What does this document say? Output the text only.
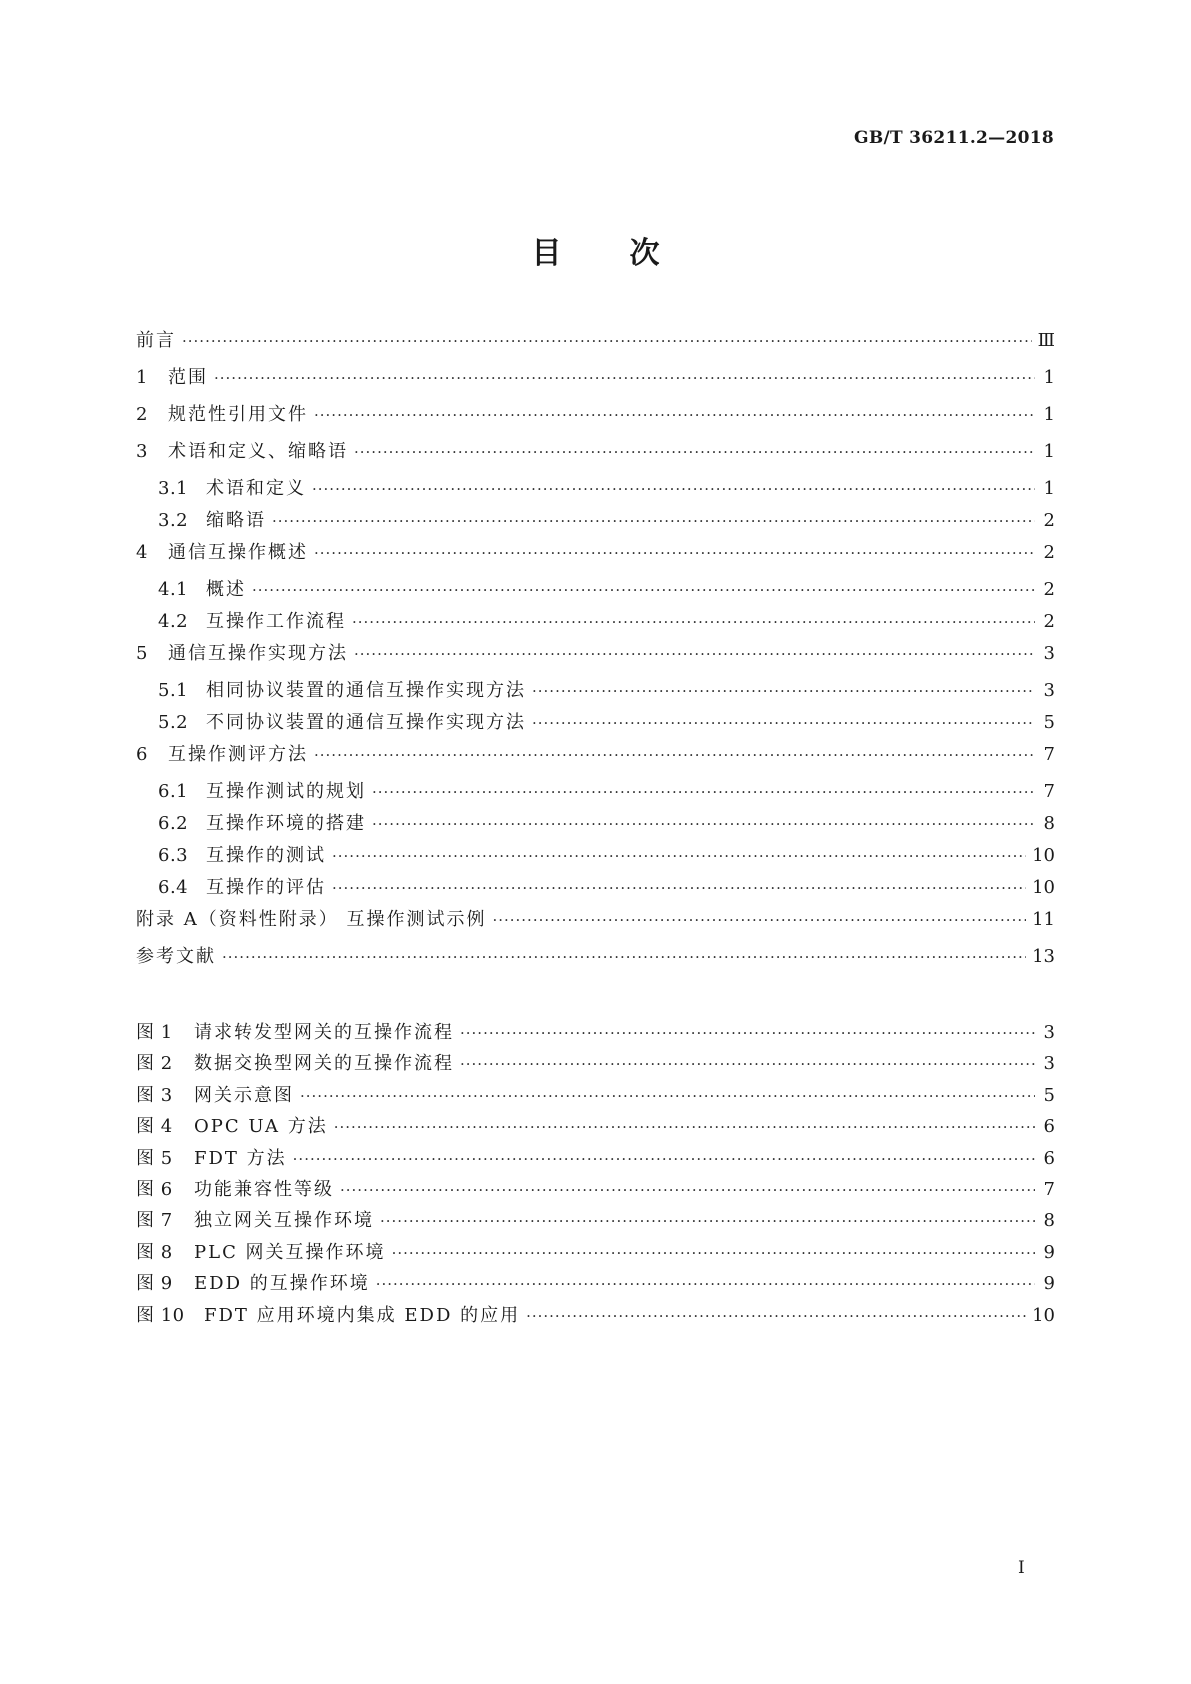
GB/T 36211.2—2018
目次
前言 ·····	Ⅲ
1	范围 ·····	1
2	规范性引用文件 ·····	1
3	术语和定义、缩略语 ·····	1
3.1 术语和定义 ·····	1
3.2 缩略语 ·····	2
4	通信互操作概述 ·····	2
4.1 概述 ·····	2
4.2 互操作工作流程 ·····	2
5	通信互操作实现方法 ·····	3
5.1 相同协议装置的通信互操作实现方法 ·····	3
5.2 不同协议装置的通信互操作实现方法 ·····	5
6	互操作测评方法 ·····	7
6.1 互操作测试的规划 ·····	7
6.2 互操作环境的搭建 ·····	8
6.3 互操作的测试 ·····	10
6.4 互操作的评估 ·····	10
附录 A（资料性附录） 互操作测试示例 ·····	11
参考文献 ·····	13
图 1	请求转发型网关的互操作流程 ·····	3
图 2	数据交换型网关的互操作流程 ·····	3
图 3	网关示意图 ·····	5
图 4	OPC UA 方法 ·····	6
图 5	FDT 方法 ·····	6
图 6	功能兼容性等级 ·····	7
图 7	独立网关互操作环境 ·····	8
图 8	PLC 网关互操作环境 ·····	9
图 9	EDD 的互操作环境 ·····	9
图 10	FDT 应用环境内集成 EDD 的应用 ·····	10
I
